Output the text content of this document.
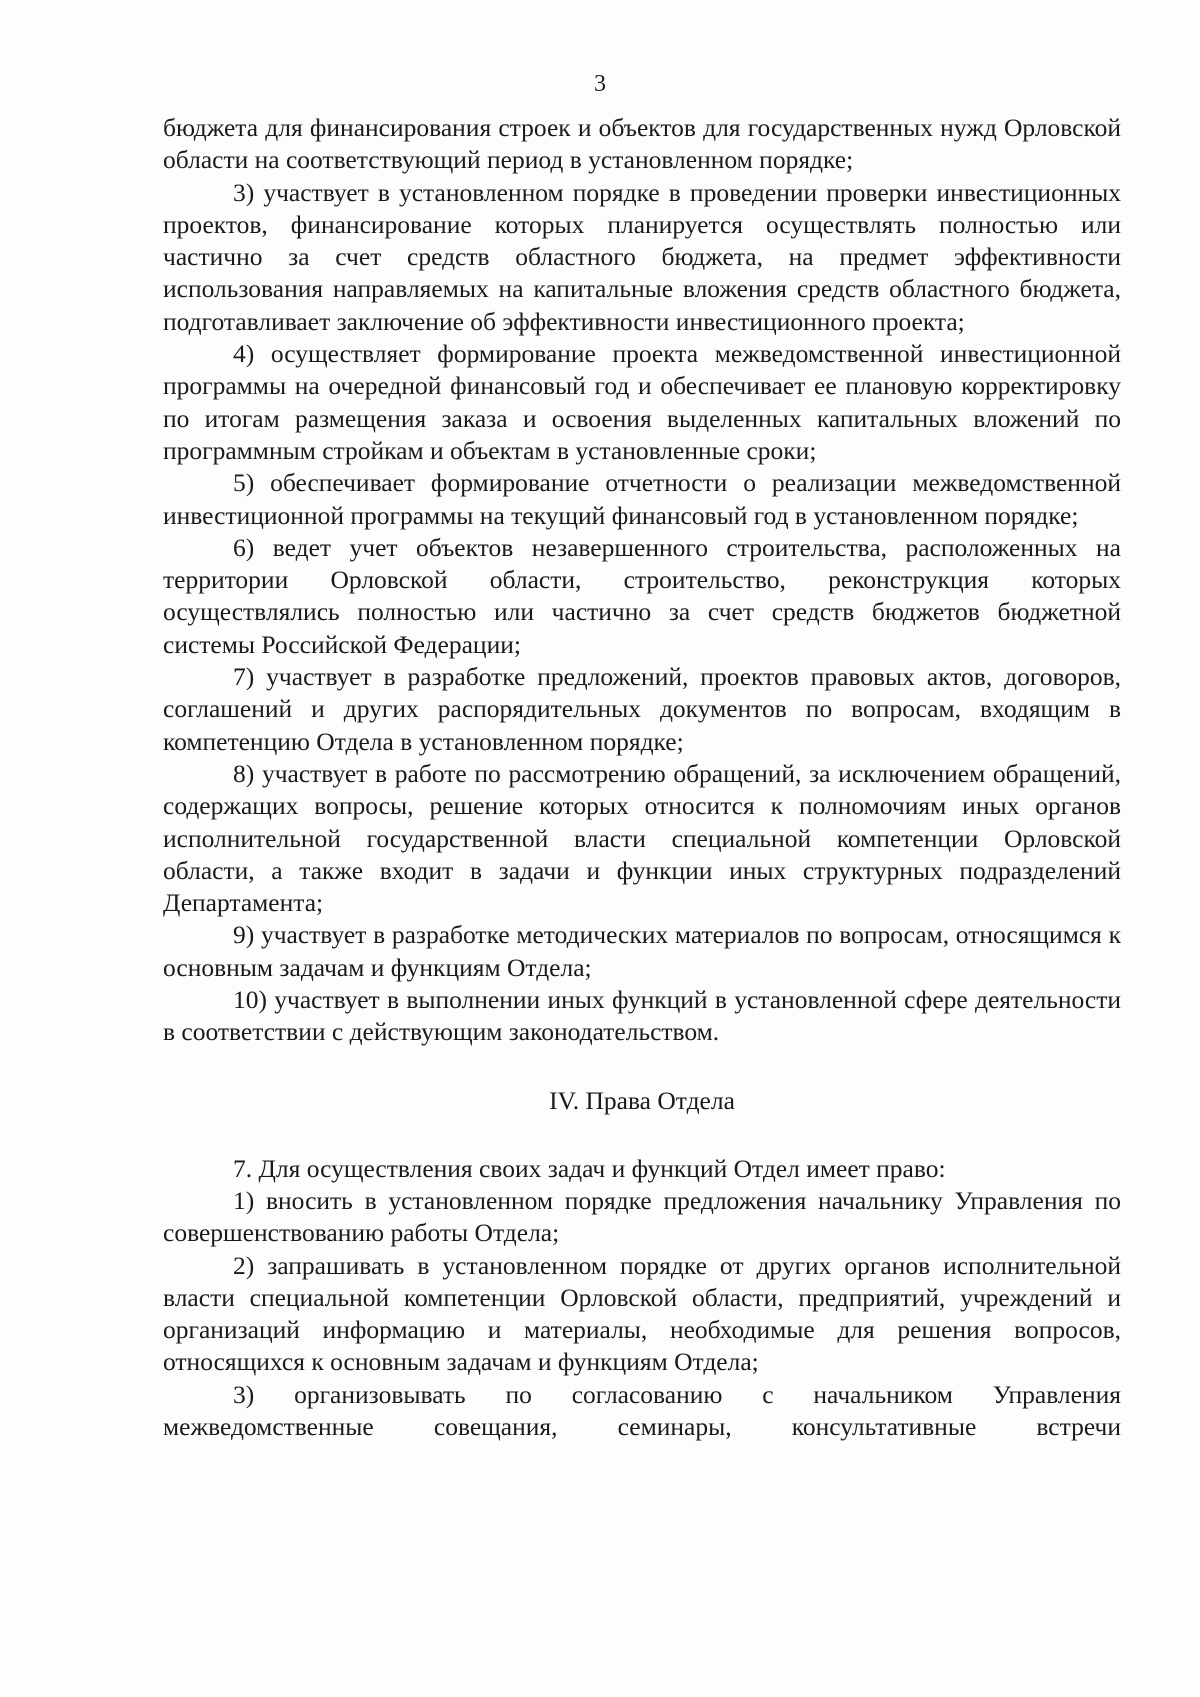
3

бюджета для финансирования строек и объектов для государственных нужд Орловской области на соответствующий период в установленном порядке;

3) участвует в установленном порядке в проведении проверки инвестиционных проектов, финансирование которых планируется осуществлять полностью или частично за счет средств областного бюджета, на предмет эффективности использования направляемых на капитальные вложения средств областного бюджета, подготавливает заключение об эффективности инвестиционного проекта;

4) осуществляет формирование проекта межведомственной инвестиционной программы на очередной финансовый год и обеспечивает ее плановую корректировку по итогам размещения заказа и освоения выделенных капитальных вложений по программным стройкам и объектам в установленные сроки;

5) обеспечивает формирование отчетности о реализации межведомственной инвестиционной программы на текущий финансовый год в установленном порядке;

6) ведет учет объектов незавершенного строительства, расположенных на территории Орловской области, строительство, реконструкция которых осуществлялись полностью или частично за счет средств бюджетов бюджетной системы Российской Федерации;

7) участвует в разработке предложений, проектов правовых актов, договоров, соглашений и других распорядительных документов по вопросам, входящим в компетенцию Отдела в установленном порядке;

8) участвует в работе по рассмотрению обращений, за исключением обращений, содержащих вопросы, решение которых относится к полномочиям иных органов исполнительной государственной власти специальной компетенции Орловской области, а также входит в задачи и функции иных структурных подразделений Департамента;

9) участвует в разработке методических материалов по вопросам, относящимся к основным задачам и функциям Отдела;

10) участвует в выполнении иных функций в установленной сфере деятельности в соответствии с действующим законодательством.

IV. Права Отдела

7. Для осуществления своих задач и функций Отдел имеет право:

1) вносить в установленном порядке предложения начальнику Управления по совершенствованию работы Отдела;

2) запрашивать в установленном порядке от других органов исполнительной власти специальной компетенции Орловской области, предприятий, учреждений и организаций информацию и материалы, необходимые для решения вопросов, относящихся к основным задачам и функциям Отдела;

3) организовывать по согласованию с начальником Управления межведомственные совещания, семинары, консультативные встречи
